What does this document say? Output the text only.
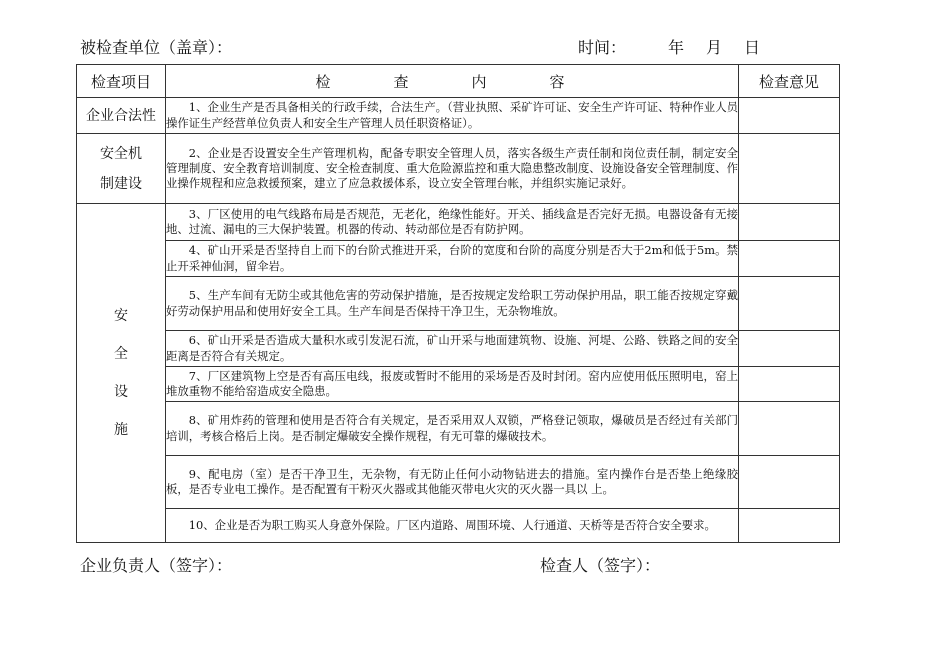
被检查单位（盖章）：	时间：	年 月 日
检查项目	检　查　内　容	检查意见
企业合法性	1、企业生产是否具备相关的行政手续，合法生产。（营业执照、采矿许可证、安全生产许可证、特种作业人员操作证生产经营单位负责人和安全生产管理人员任职资格证）。	

安全机
制建设	2、企业是否设置安全生产管理机构，配备专职安全管理人员，落实各级生产责任制和岗位责任制，制定安全管理制度、安全教育培训制度、安全检查制度、重大危险源监控和重大隐患整改制度、设施设备安全管理制度、作业操作规程和应急救援预案，建立了应急救援体系，设立安全管理台帐，并组织实施记录好。	

安
全
设
施	3、厂区使用的电气线路布局是否规范，无老化，绝缘性能好。开关、插线盒是否完好无损。电器设备有无接地、过流、漏电的三大保护装置。机器的传动、转动部位是否有防护网。	
	4、矿山开采是否坚持自上而下的台阶式推进开采，台阶的宽度和台阶的高度分别是否大于2m和低于5m。禁止开采神仙洞，留伞岩。	
	5、生产车间有无防尘或其他危害的劳动保护措施，是否按规定发给职工劳动保护用品，职工能否按规定穿戴好劳动保护用品和使用好安全工具。生产车间是否保持干净卫生，无杂物堆放。	
	6、矿山开采是否造成大量积水或引发泥石流，矿山开采与地面建筑物、设施、河堤、公路、铁路之间的安全距离是否符合有关规定。	
	7、厂区建筑物上空是否有高压电线，报废或暂时不能用的采场是否及时封闭。窑内应使用低压照明电，窑上堆放重物不能给窑造成安全隐患。	
	8、矿用炸药的管理和使用是否符合有关规定，是否采用双人双锁，严格登记领取，爆破员是否经过有关部门培训，考核合格后上岗。是否制定爆破安全操作规程，有无可靠的爆破技术。	
	9、配电房（室）是否干净卫生，无杂物，有无防止任何小动物钻进去的措施。室内操作台是否垫上绝缘胶板，是否专业电工操作。是否配置有干粉灭火器或其他能灭带电火灾的灭火器一具以 上。	
	10、企业是否为职工购买人身意外保险。厂区内道路、周围环境、人行通道、天桥等是否符合安全要求。	
企业负责人（签字）：	检查人（签字）：
